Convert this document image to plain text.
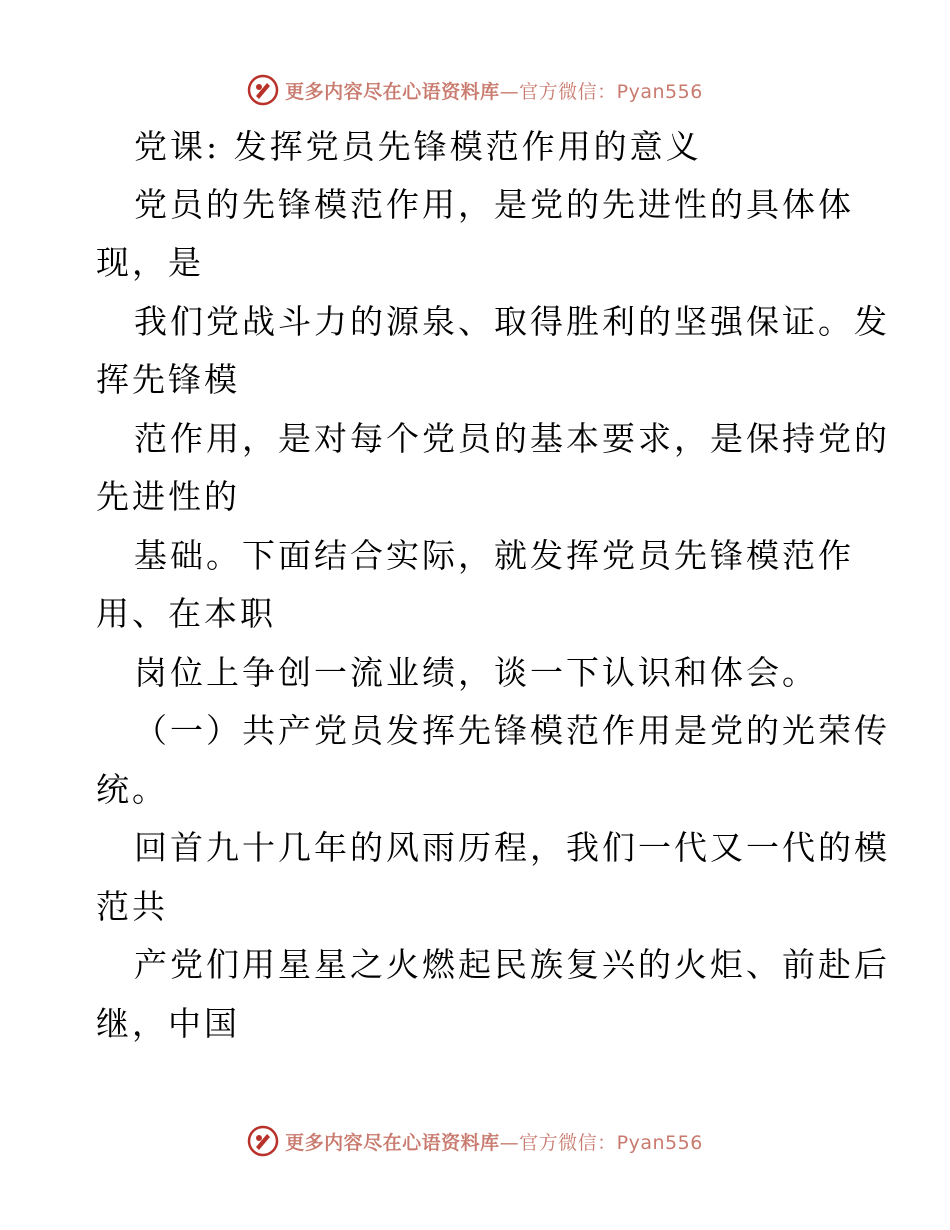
更多内容尽在心语资料库—官方微信：Pyan556
党课: 发挥党员先锋模范作用的意义
党员的先锋模范作用，是党的先进性的具体体
现，是
我们党战斗力的源泉、取得胜利的坚强保证。发
挥先锋模
范作用，是对每个党员的基本要求，是保持党的
先进性的
基础。下面结合实际，就发挥党员先锋模范作
用、在本职
岗位上争创一流业绩，谈一下认识和体会。
（一）共产党员发挥先锋模范作用是党的光荣传
统。
回首九十几年的风雨历程，我们一代又一代的模
范共
产党们用星星之火燃起民族复兴的火炬、前赴后
继，中国
更多内容尽在心语资料库—官方微信：Pyan556
